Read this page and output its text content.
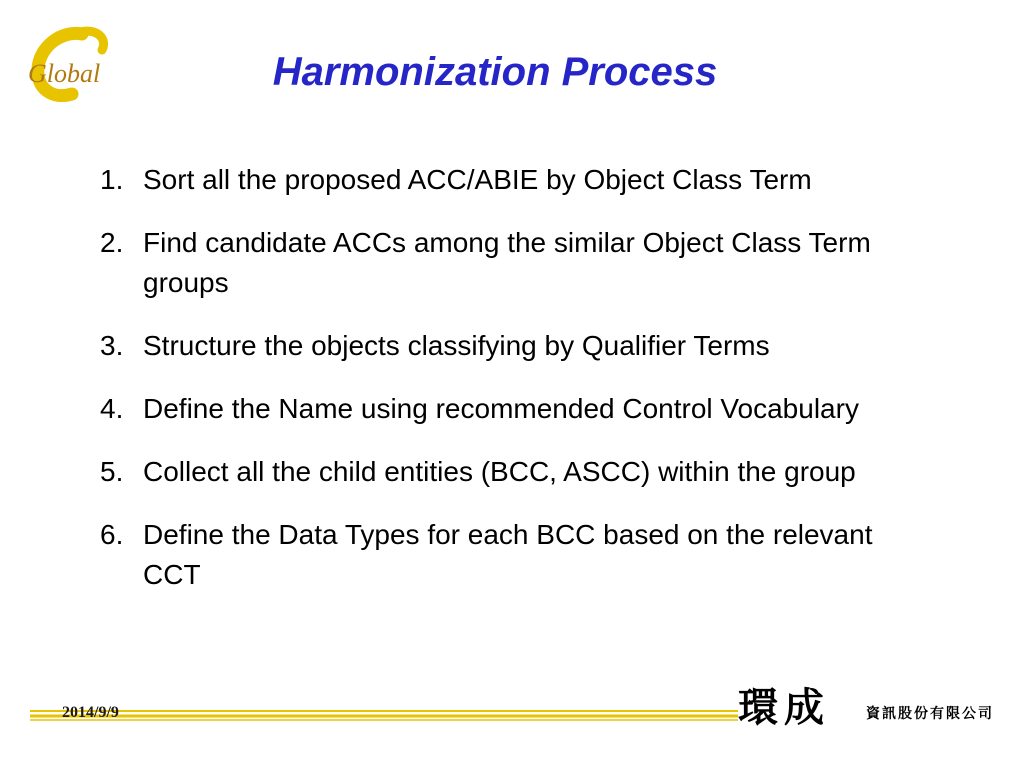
Global	Harmonization Process
1. Sort all the proposed ACC/ABIE by Object Class Term
2. Find candidate ACCs among the similar Object Class Term groups
3. Structure the objects classifying by Qualifier Terms
4. Define the Name using recommended Control Vocabulary
5. Collect all the child entities (BCC, ASCC) within the group
6. Define the Data Types for each BCC based on the relevant CCT
2014/9/9	環成	資訊股份有限公司
